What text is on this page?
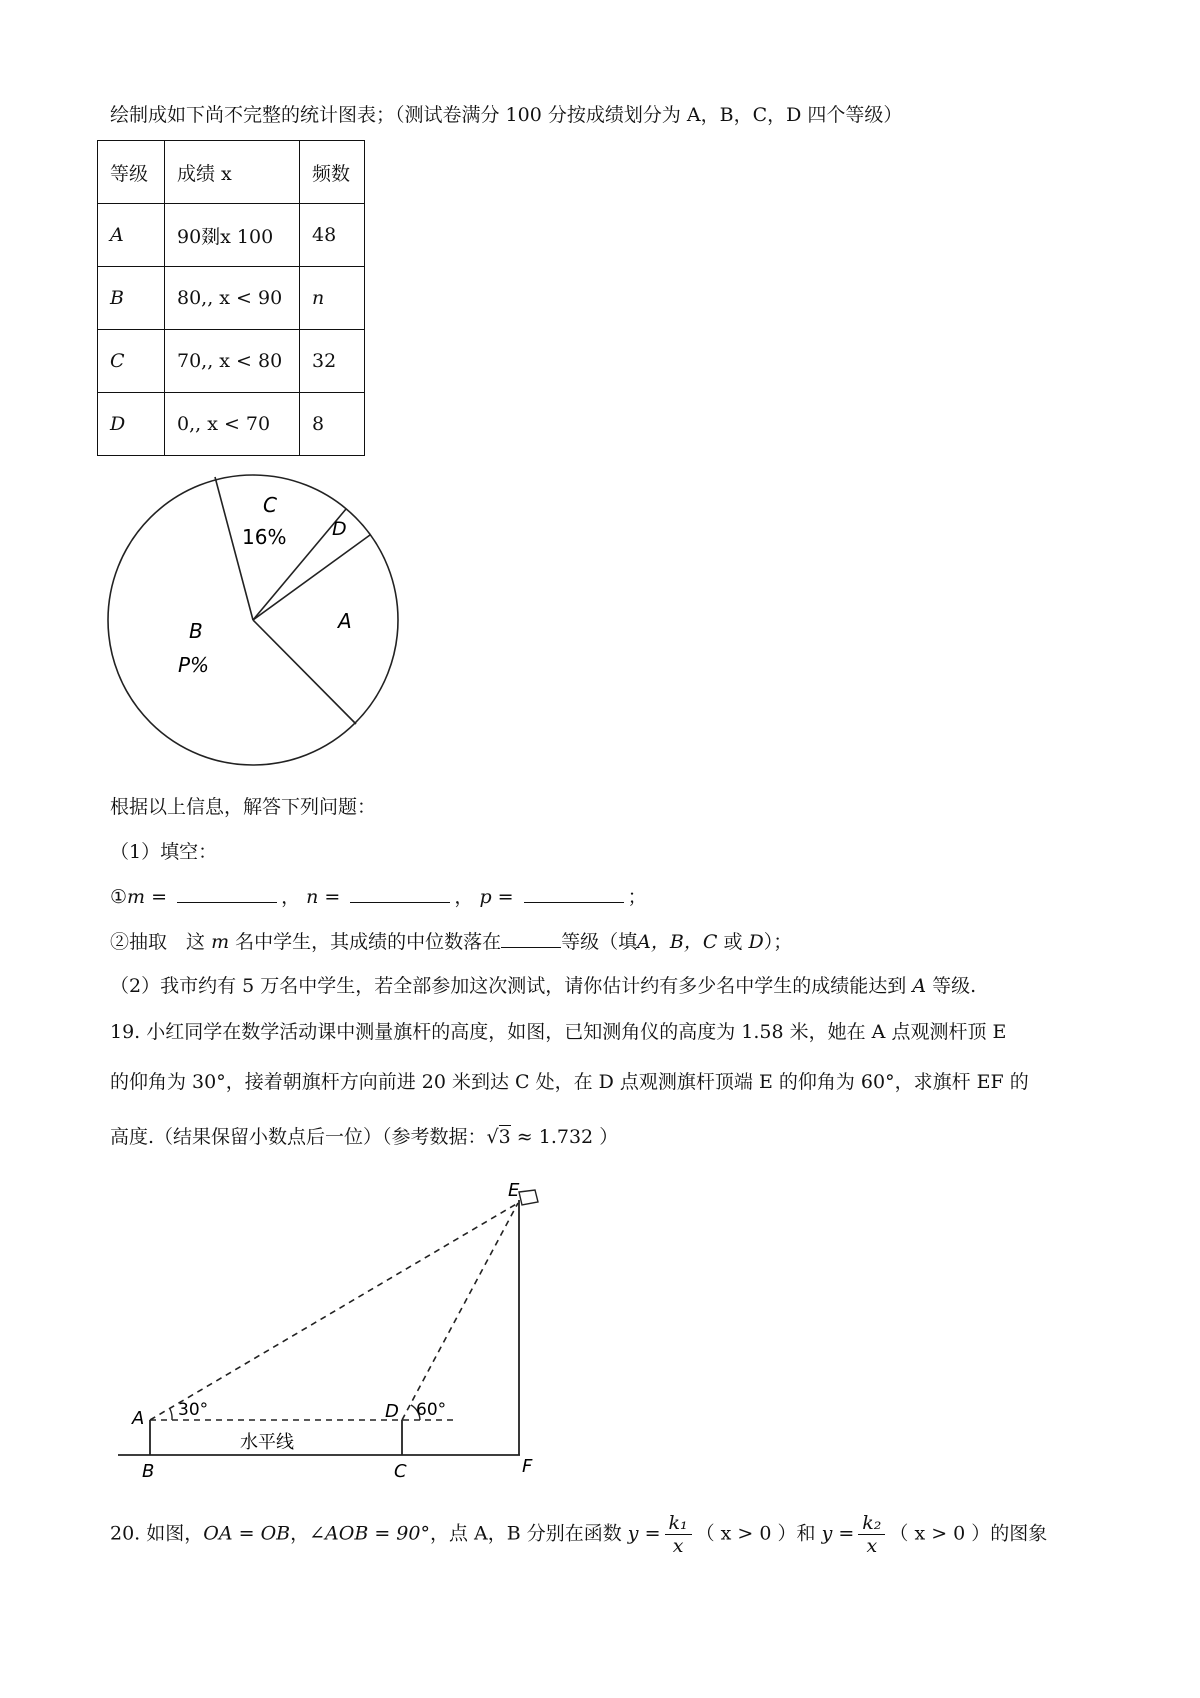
绘制成如下尚不完整的统计图表；（测试卷满分 100 分按成绩划分为 A，B，C，D 四个等级）
等级	成绩 x	频数
A	90剟x 100	48
B	80,, x < 90	n
C	70,, x < 80	32
D	0,, x < 70	8
C
16% D
A
B
P%
根据以上信息，解答下列问题：
（1）填空：
①m =	， n =	， p =	；
②抽取　这 m 名中学生，其成绩的中位数落在	等级（填A，B，C 或 D）；
（2）我市约有 5 万名中学生，若全部参加这次测试，请你估计约有多少名中学生的成绩能达到 A 等级.
19. 小红同学在数学活动课中测量旗杆的高度，如图，已知测角仪的高度为 1.58 米，她在 A 点观测杆顶 E
的仰角为 30°，接着朝旗杆方向前进 20 米到达 C 处，在 D 点观测旗杆顶端 E 的仰角为 60°，求旗杆 EF 的
高度.（结果保留小数点后一位）（参考数据：√3 ≈ 1.732 ）
E
A 30°	D 60°
水平线
B	C	F
20. 如图，OA = OB，∠AOB = 90°，点 A，B 分别在函数 $y = \frac{\text{k₁}}{x}$ （ x > 0 ）和 $y = \frac{\text{k₂}}{x}$ （ x > 0 ）的图象
